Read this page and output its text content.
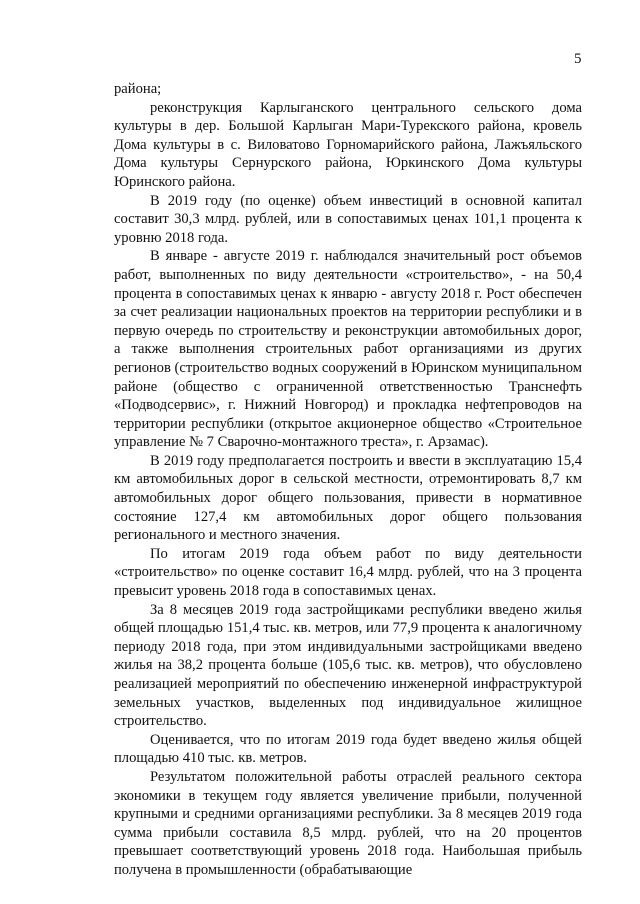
5

района;

реконструкция Карлыганского центрального сельского дома культуры в дер. Большой Карлыган Мари-Турекского района, кровель Дома культуры в с. Виловатово Горномарийского района, Лажъяльского Дома культуры Сернурского района, Юркинского Дома культуры Юринского района.

В 2019 году (по оценке) объем инвестиций в основной капитал составит 30,3 млрд. рублей, или в сопоставимых ценах 101,1 процента к уровню 2018 года.

В январе - августе 2019 г. наблюдался значительный рост объемов работ, выполненных по виду деятельности «строительство», - на 50,4 процента в сопоставимых ценах к январю - августу 2018 г. Рост обеспечен за счет реализации национальных проектов на территории республики и в первую очередь по строительству и реконструкции автомобильных дорог, а также выполнения строительных работ организациями из других регионов (строительство водных сооружений в Юринском муниципальном районе (общество с ограниченной ответственностью Транснефть «Подводсервис», г. Нижний Новгород) и прокладка нефтепроводов на территории республики (открытое акционерное общество «Строительное управление № 7 Сварочно-монтажного треста», г. Арзамас).

В 2019 году предполагается построить и ввести в эксплуатацию 15,4 км автомобильных дорог в сельской местности, отремонтировать 8,7 км автомобильных дорог общего пользования, привести в нормативное состояние 127,4 км автомобильных дорог общего пользования регионального и местного значения.

По итогам 2019 года объем работ по виду деятельности «строительство» по оценке составит 16,4 млрд. рублей, что на 3 процента превысит уровень 2018 года в сопоставимых ценах.

За 8 месяцев 2019 года застройщиками республики введено жилья общей площадью 151,4 тыс. кв. метров, или 77,9 процента к аналогичному периоду 2018 года, при этом индивидуальными застройщиками введено жилья на 38,2 процента больше (105,6 тыс. кв. метров), что обусловлено реализацией мероприятий по обеспечению инженерной инфраструктурой земельных участков, выделенных под индивидуальное жилищное строительство.

Оценивается, что по итогам 2019 года будет введено жилья общей площадью 410 тыс. кв. метров.

Результатом положительной работы отраслей реального сектора экономики в текущем году является увеличение прибыли, полученной крупными и средними организациями республики. За 8 месяцев 2019 года сумма прибыли составила 8,5 млрд. рублей, что на 20 процентов превышает соответствующий уровень 2018 года. Наибольшая прибыль получена в промышленности (обрабатывающие
